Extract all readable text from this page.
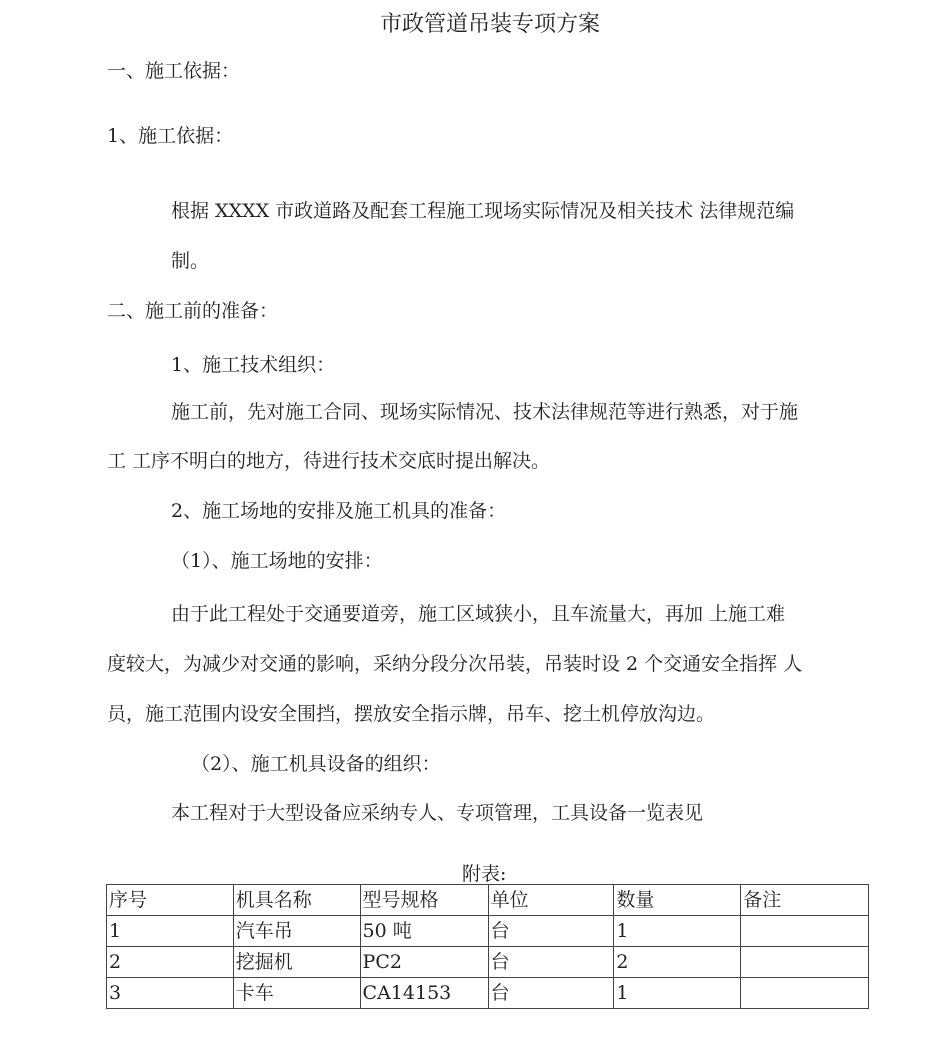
市政管道吊装专项方案
一、施工依据：
1、施工依据：
根据 XXXX 市政道路及配套工程施工现场实际情况及相关技术 法律规范编
制。
二、施工前的准备：
1、施工技术组织：
施工前，先对施工合同、现场实际情况、技术法律规范等进行熟悉，对于施
工 工序不明白的地方，待进行技术交底时提出解决。
2、施工场地的安排及施工机具的准备：
（1）、施工场地的安排：
由于此工程处于交通要道旁，施工区域狭小，且车流量大，再加 上施工难
度较大，为减少对交通的影响，采纳分段分次吊装，吊装时设 2 个交通安全指挥 人
员，施工范围内设安全围挡，摆放安全指示牌，吊车、挖土机停放沟边。
（2）、施工机具设备的组织：
本工程对于大型设备应采纳专人、专项管理，工具设备一览表见
附表:
序号	机具名称	型号规格	单位	数量	备注
1	汽车吊	50 吨	台	1	
2	挖掘机	PC2	台	2	
3	卡车	CA14153	台	1	
